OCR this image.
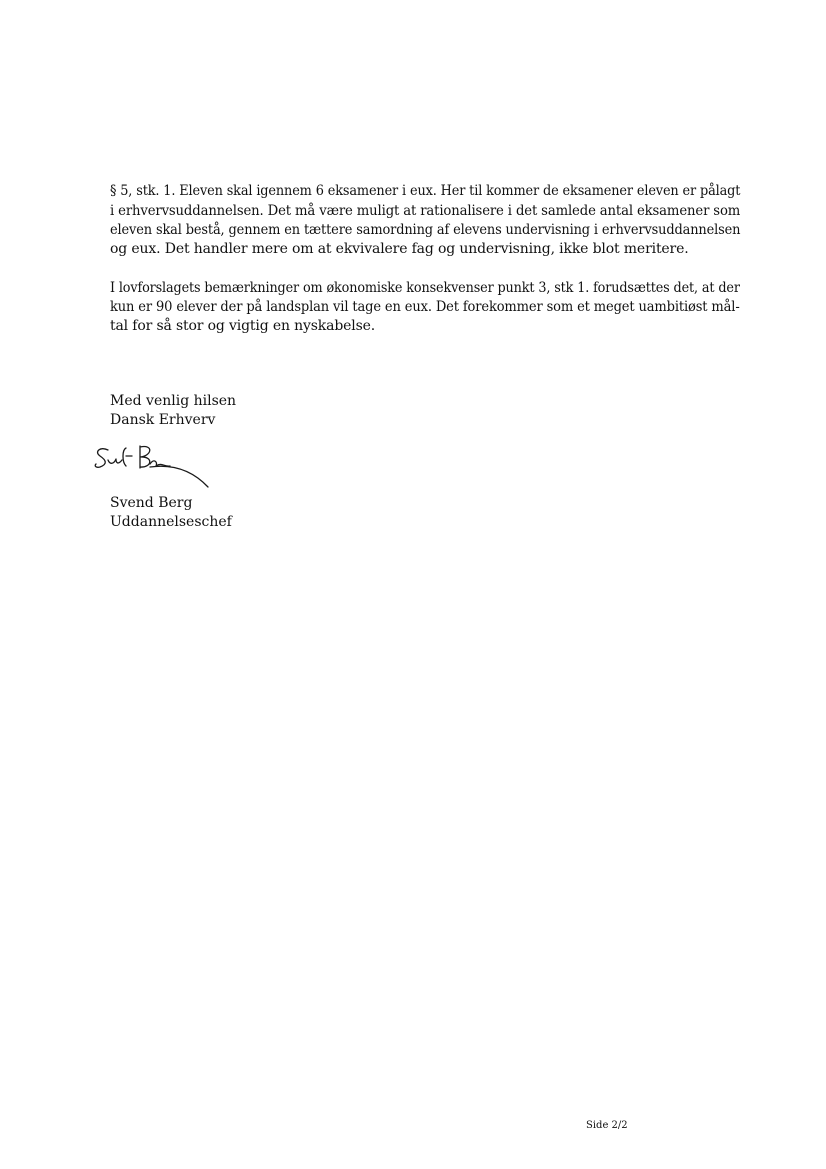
§ 5, stk. 1. Eleven skal igennem 6 eksamener i eux. Her til kommer de eksamener eleven er pålagt
i erhvervsuddannelsen. Det må være muligt at rationalisere i det samlede antal eksamener som
eleven skal bestå, gennem en tættere samordning af elevens undervisning i erhvervsuddannelsen
og eux. Det handler mere om at ekvivalere fag og undervisning, ikke blot meritere.
I lovforslagets bemærkninger om økonomiske konsekvenser punkt 3, stk 1. forudsættes det, at der
kun er 90 elever der på landsplan vil tage en eux. Det forekommer som et meget uambitiøst mål-
tal for så stor og vigtig en nyskabelse.
Med venlig hilsen
Dansk Erhverv
Svend Berg
Uddannelseschef
Side 2/2
